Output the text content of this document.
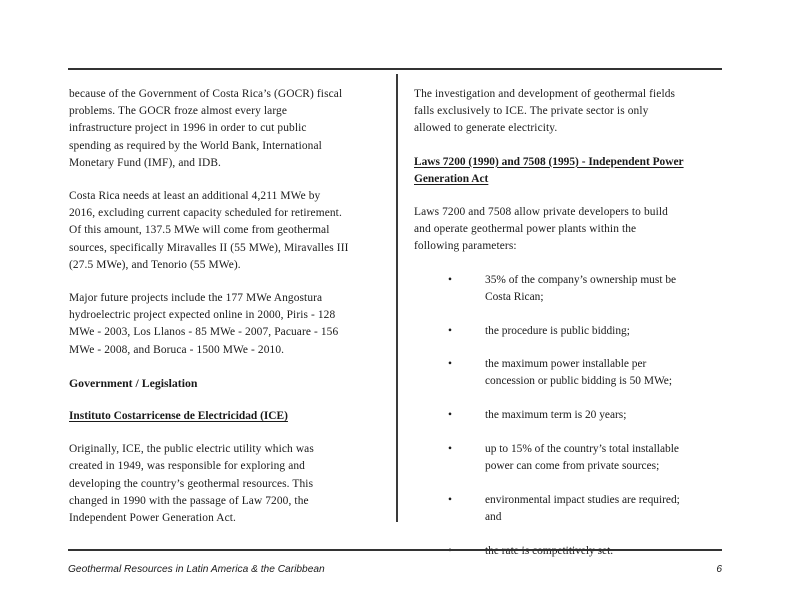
because of the Government of Costa Rica’s (GOCR) fiscal problems. The GOCR froze almost every large infrastructure project in 1996 in order to cut public spending as required by the World Bank, International Monetary Fund (IMF), and IDB.

Costa Rica needs at least an additional 4,211 MWe by 2016, excluding current capacity scheduled for retirement. Of this amount, 137.5 MWe will come from geothermal sources, specifically Miravalles II (55 MWe), Miravalles III (27.5 MWe), and Tenorio (55 MWe).

Major future projects include the 177 MWe Angostura hydroelectric project expected online in 2000, Piris - 128 MWe - 2003, Los Llanos - 85 MWe - 2007, Pacuare - 156 MWe - 2008, and Boruca - 1500 MWe - 2010.

Government / Legislation
Instituto Costarricense de Electricidad (ICE)

Originally, ICE, the public electric utility which was created in 1949, was responsible for exploring and developing the country’s geothermal resources. This changed in 1990 with the passage of Law 7200, the Independent Power Generation Act.

The investigation and development of geothermal fields falls exclusively to ICE. The private sector is only allowed to generate electricity.

Laws 7200 (1990) and 7508 (1995) - Independent Power Generation Act

Laws 7200 and 7508 allow private developers to build and operate geothermal power plants within the following parameters:

•	35% of the company’s ownership must be Costa Rican;
•	the procedure is public bidding;
•	the maximum power installable per concession or public bidding is 50 MWe;
•	the maximum term is 20 years;
•	up to 15% of the country’s total installable power can come from private sources;
•	environmental impact studies are required; and
Geothermal Resources in Latin America & the Caribbean	6
